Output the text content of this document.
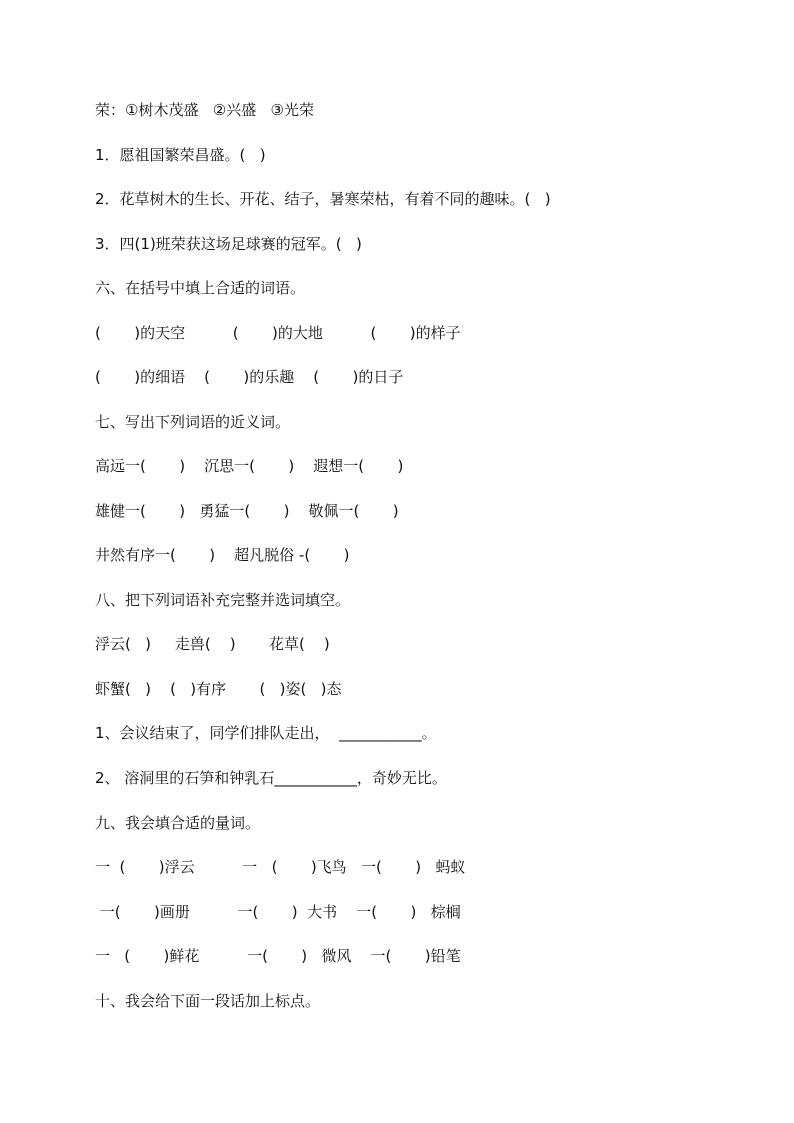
荣：①树木茂盛   ②兴盛   ③光荣
1．愿祖国繁荣昌盛。(   )
2．花草树木的生长、开花、结子，暑寒荣枯，有着不同的趣味。(   )
3．四(1)班荣获这场足球赛的冠军。(   )
六、在括号中填上合适的词语。
(       )的天空          (       )的大地          (       )的样子
(       )的细语    (       )的乐趣    (       )的日子
七、写出下列词语的近义词。
高远一(       )    沉思一(       )    遐想一(       )
雄健一(       )   勇猛一(       )    敬佩一(       )
井然有序一(       )    超凡脱俗 -(       )
八、把下列词语补充完整并选词填空。
浮云(   )     走兽(    )       花草(    )
虾蟹(   )    (   )有序       (   )姿(   )态
1、会议结束了，同学们排队走出，  ___________。
2、 溶洞里的石笋和钟乳石___________，奇妙无比。
九、我会填合适的量词。
一  (       )浮云          一   (       )飞鸟   一(       )   蚂蚁
一(       )画册          一(       )  大书    一(       )   棕榈
一   (       )鲜花          一(       )   微风    一(       )铅笔
十、我会给下面一段话加上标点。
